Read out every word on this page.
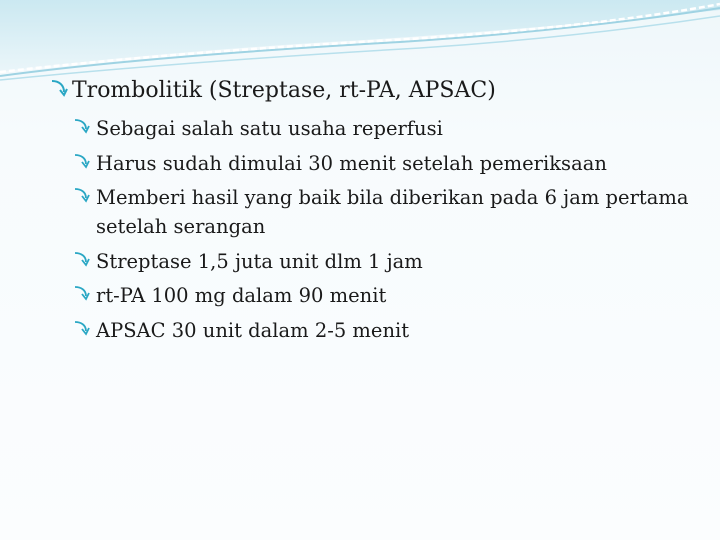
Trombolitik (Streptase, rt-PA, APSAC)
Sebagai salah satu usaha reperfusi
Harus sudah dimulai 30 menit setelah pemeriksaan
Memberi hasil yang baik bila diberikan pada 6 jam pertama setelah serangan
Streptase 1,5 juta unit dlm 1 jam
rt-PA 100 mg dalam 90 menit
APSAC 30 unit dalam 2-5 menit
